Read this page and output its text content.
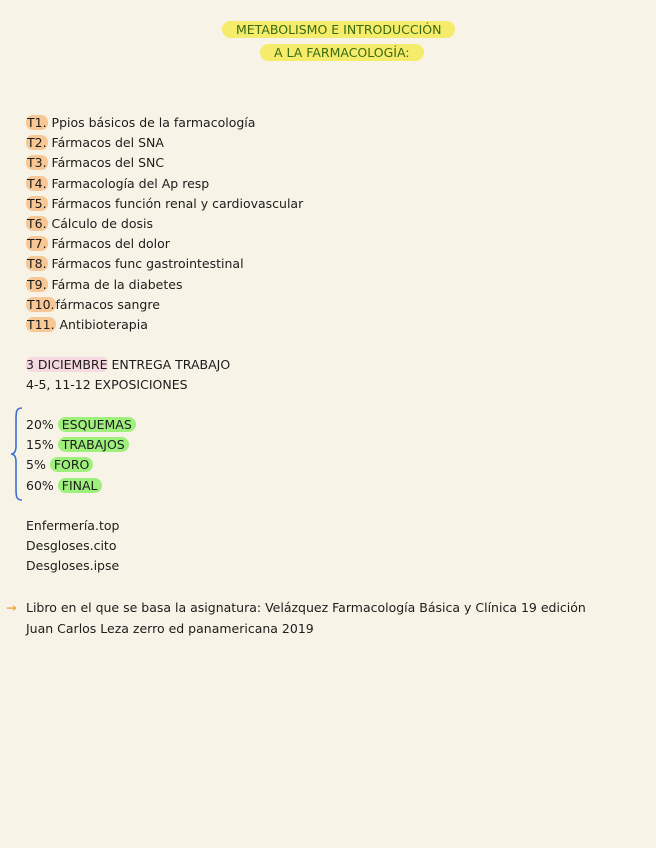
METABOLISMO E INTRODUCCIÓN
A LA FARMACOLOGÍA:
T1. Ppios básicos de la farmacología
T2. Fármacos del SNA
T3. Fármacos del SNC
T4. Farmacología del Ap resp
T5. Fármacos función renal y cardiovascular
T6. Cálculo de dosis
T7. Fármacos del dolor
T8. Fármacos func gastrointestinal
T9. Fárma de la diabetes
T10.fármacos sangre
T11. Antibioterapia
3 DICIEMBRE ENTREGA TRABAJO
4-5, 11-12 EXPOSICIONES
20% ESQUEMAS
15% TRABAJOS
5% FORO
60% FINAL
Enfermería.top
Desgloses.cito
Desgloses.ipse
→ Libro en el que se basa la asignatura: Velázquez Farmacología Básica y Clínica 19 edición
Juan Carlos Leza zerro ed panamericana 2019
